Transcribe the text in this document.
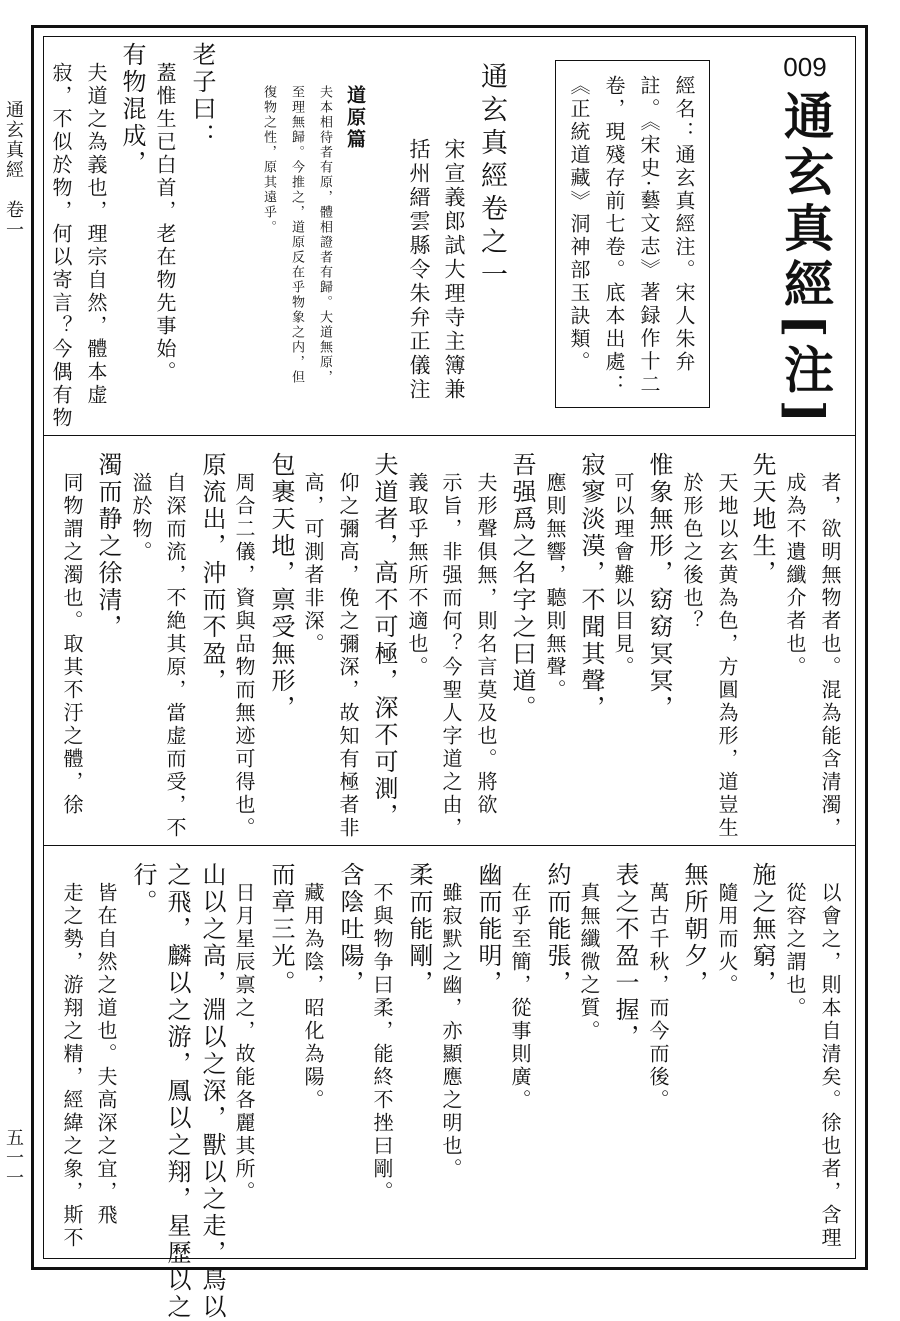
通玄真經　卷一
五一一
009
通玄真經[注]
經名：通玄真經注。宋人朱弁
註。《宋史·藝文志》著録作十二
卷，現殘存前七卷。底本出處：
《正統道藏》洞神部玉訣類。
通玄真經卷之一
宋宣義郎試大理寺主簿兼
括州縉雲縣令朱弁正儀注
道原篇
夫本相待者有原，體相證者有歸。大道無原，
至理無歸。今推之，道原反在乎物象之内，但
復物之性，原其遠乎。
老子曰：
蓋惟生已白首，老在物先事始。
有物混成，
夫道之為義也，理宗自然，體本虚
寂，不似於物，何以寄言？今偶有物
者，欲明無物者也。混為能含清濁，
成為不遺纖介者也。
先天地生，
天地以玄黄為色，方圓為形，道豈生
於形色之後也？
惟象無形，窈窈冥冥，
可以理會難以目見。
寂寥淡漠，不聞其聲，
應則無響，聽則無聲。
吾强爲之名字之曰道。
夫形聲俱無，則名言莫及也。將欲
示旨，非强而何？今聖人字道之由，
義取乎無所不適也。
夫道者，高不可極，深不可測，
仰之彌高，俛之彌深，故知有極者非
高，可測者非深。
包裹天地，禀受無形，
周合二儀，資與品物而無迹可得也。
原流出，沖而不盈，
自深而流，不絶其原，當虚而受，不
溢於物。
濁而静之徐清，
同物謂之濁也。取其不汙之體，徐
以會之，則本自清矣。徐也者，含理
從容之謂也。
施之無窮，
隨用而火。
無所朝夕，
萬古千秋，而今而後。
表之不盈一握，
真無纖微之質。
約而能張，
在乎至簡，從事則廣。
幽而能明，
雖寂默之幽，亦顯應之明也。
柔而能剛，
不與物争曰柔，能終不挫曰剛。
含陰吐陽，
藏用為陰，昭化為陽。
而章三光。
日月星辰禀之，故能各麗其所。
山以之高，淵以之深，獸以之走，鳥以
之飛，麟以之游，鳳以之翔，星歷以之
行。
皆在自然之道也。夫高深之宜，飛
走之勢，游翔之精，經緯之象，斯不
